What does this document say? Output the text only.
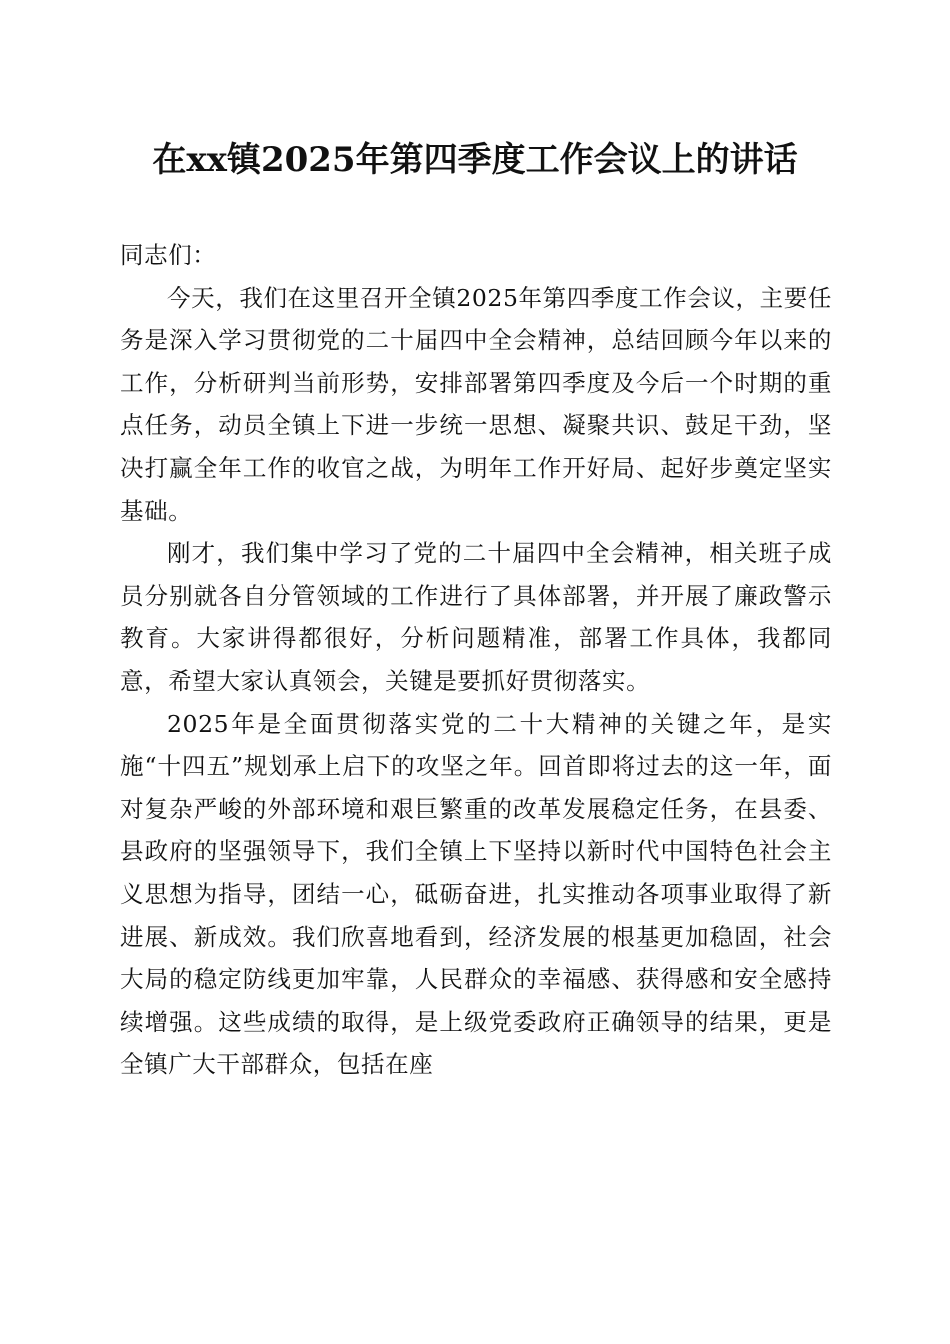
在xx镇2025年第四季度工作会议上的讲话

同志们：

今天，我们在这里召开全镇2025年第四季度工作会议，主要任务是深入学习贯彻党的二十届四中全会精神，总结回顾今年以来的工作，分析研判当前形势，安排部署第四季度及今后一个时期的重点任务，动员全镇上下进一步统一思想、凝聚共识、鼓足干劲，坚决打赢全年工作的收官之战，为明年工作开好局、起好步奠定坚实基础。

刚才，我们集中学习了党的二十届四中全会精神，相关班子成员分别就各自分管领域的工作进行了具体部署，并开展了廉政警示教育。大家讲得都很好，分析问题精准，部署工作具体，我都同意，希望大家认真领会，关键是要抓好贯彻落实。

2025年是全面贯彻落实党的二十大精神的关键之年，是实施“十四五”规划承上启下的攻坚之年。回首即将过去的这一年，面对复杂严峻的外部环境和艰巨繁重的改革发展稳定任务，在县委、县政府的坚强领导下，我们全镇上下坚持以新时代中国特色社会主义思想为指导，团结一心，砥砺奋进，扎实推动各项事业取得了新进展、新成效。我们欣喜地看到，经济发展的根基更加稳固，社会大局的稳定防线更加牢靠，人民群众的幸福感、获得感和安全感持续增强。这些成绩的取得，是上级党委政府正确领导的结果，更是全镇广大干部群众，包括在座
